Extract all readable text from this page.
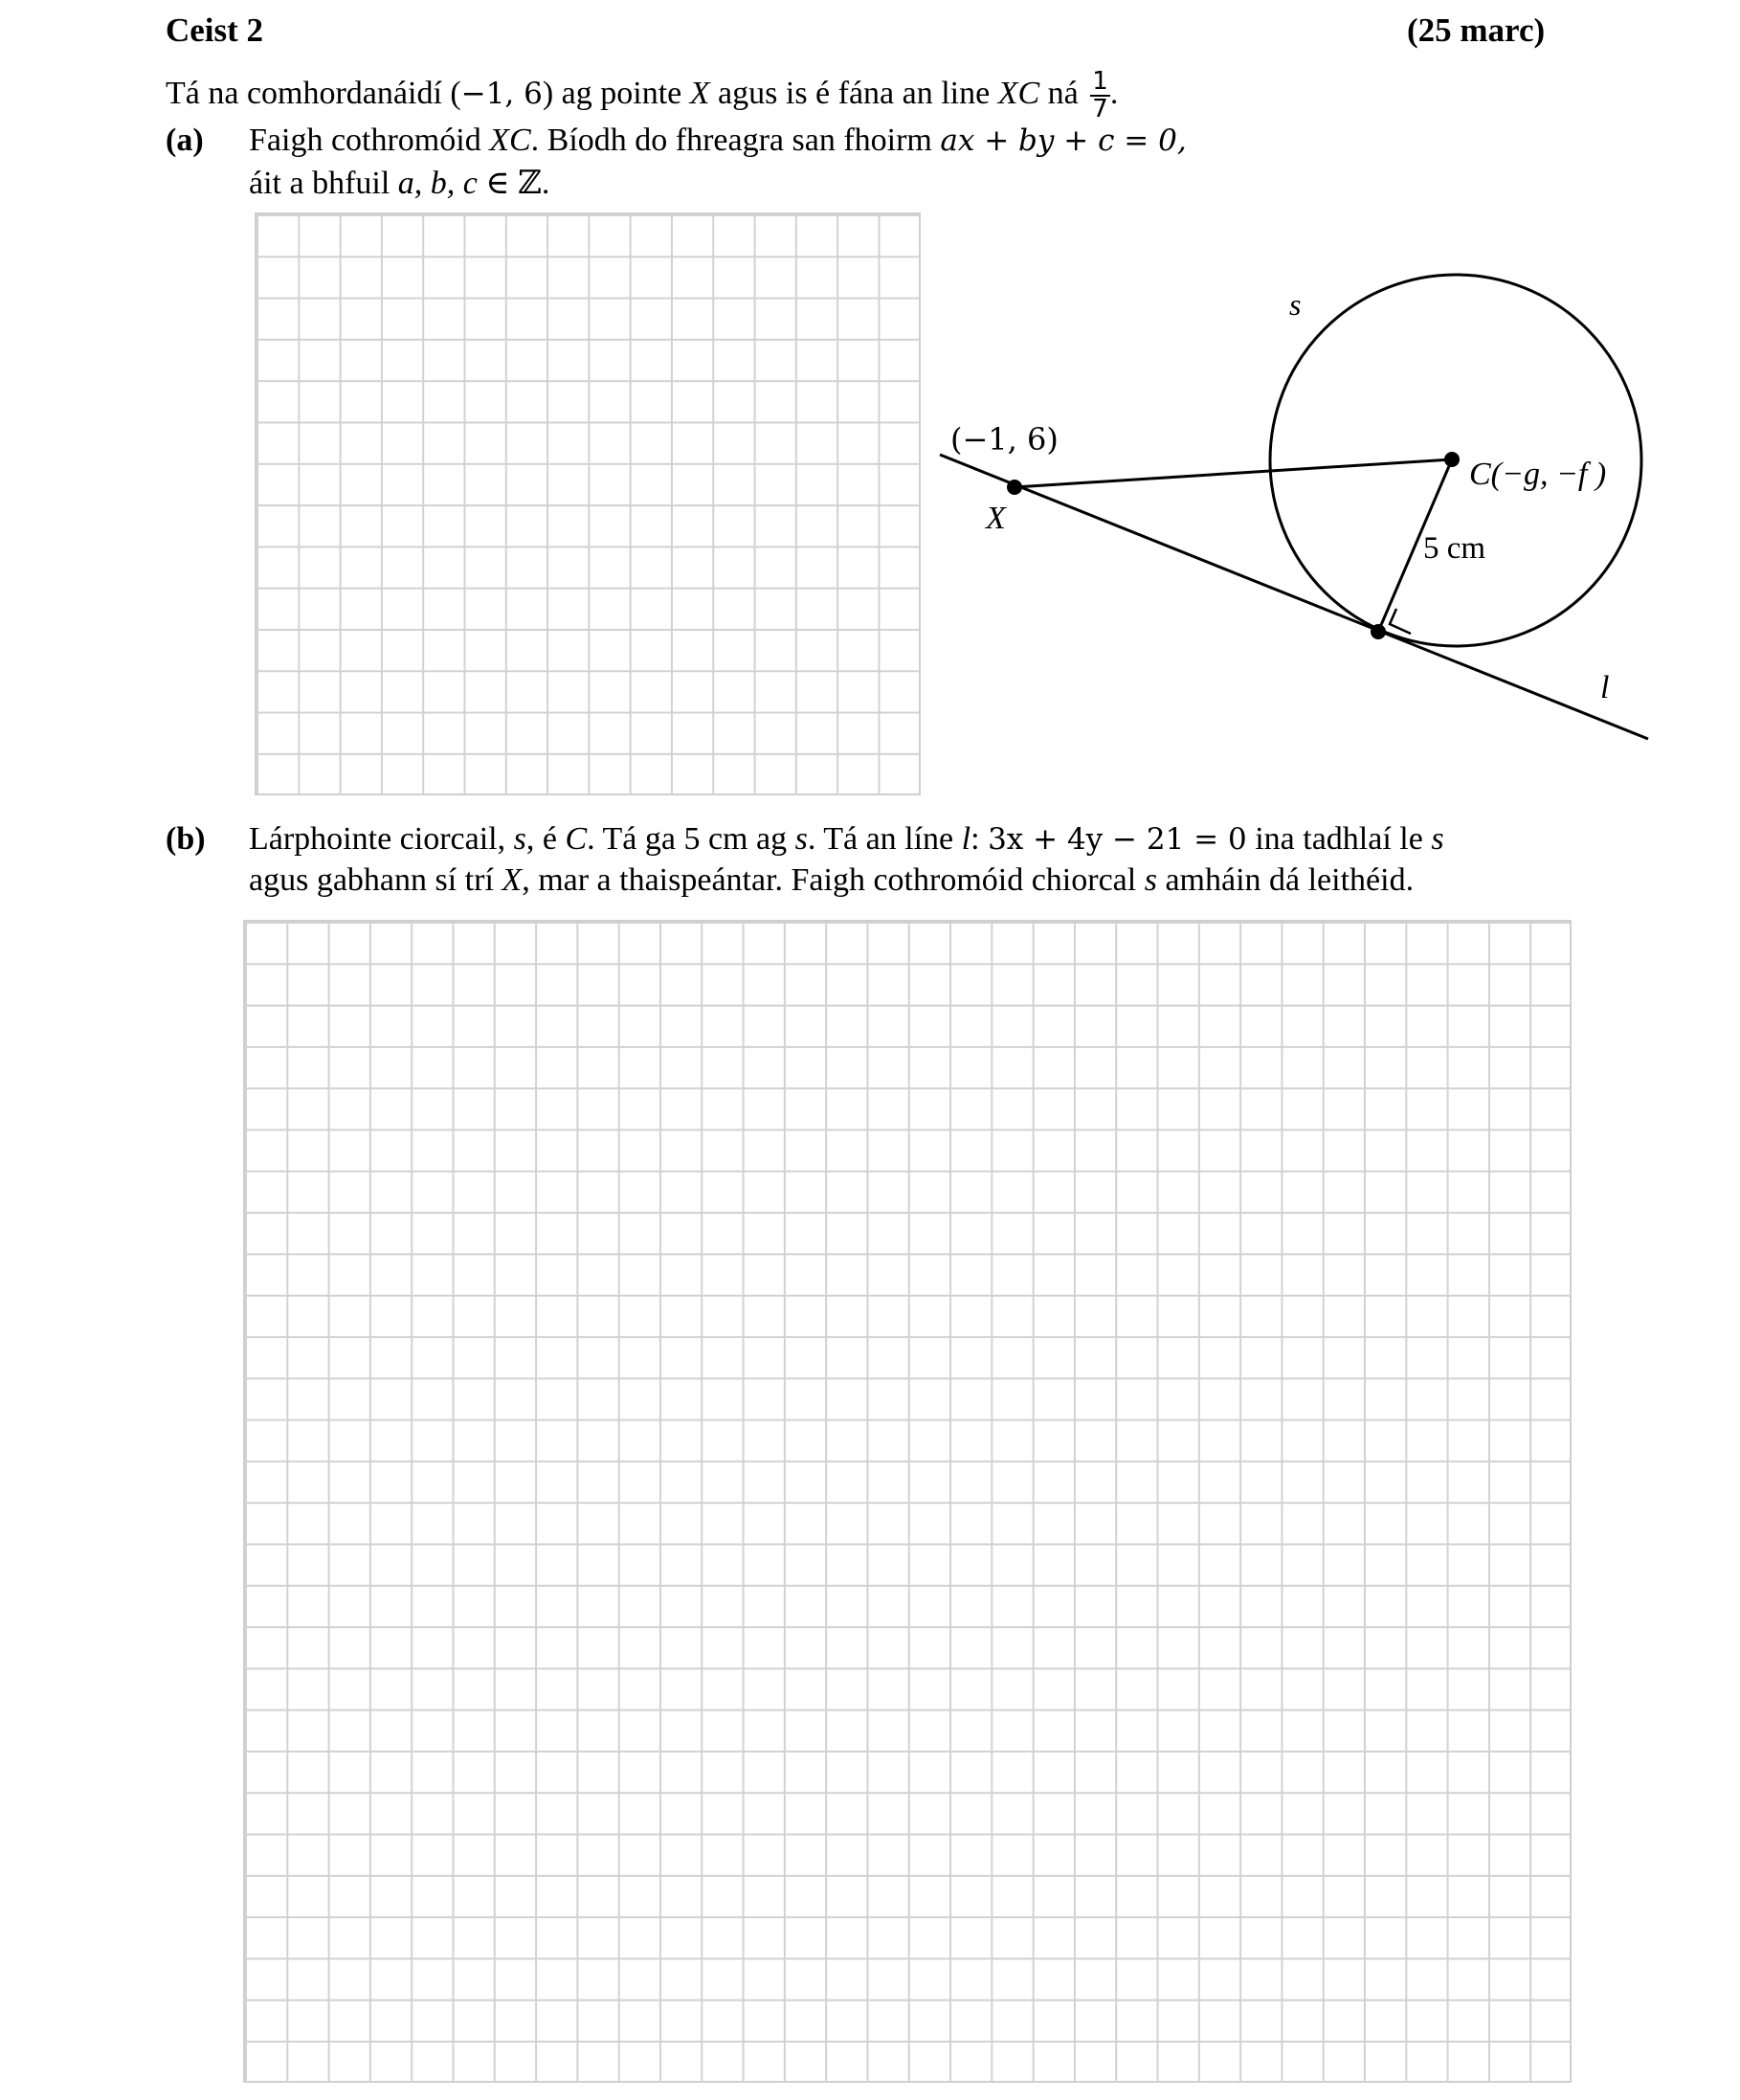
Ceist 2	(25 marc)
Tá na comhordanáidí (−1, 6) ag pointe X agus is é fána an line XC ná $\frac{1}{7}$ .
(a) Faigh cothromóid XC. Bíodh do fhreagra san fhoirm ax + by + c = 0,
áit a bhfuil a, b, c ∈ ℤ.
s
(−1, 6)
X
C(−g, −f )
5 cm
l
(b) Lárphointe ciorcail, s, é C. Tá ga 5 cm ag s. Tá an líne l: 3x + 4y − 21 = 0 ina tadhlaí le s
agus gabhann sí trí X, mar a thaispeántar. Faigh cothromóid chiorcal s amháin dá leithéid.
